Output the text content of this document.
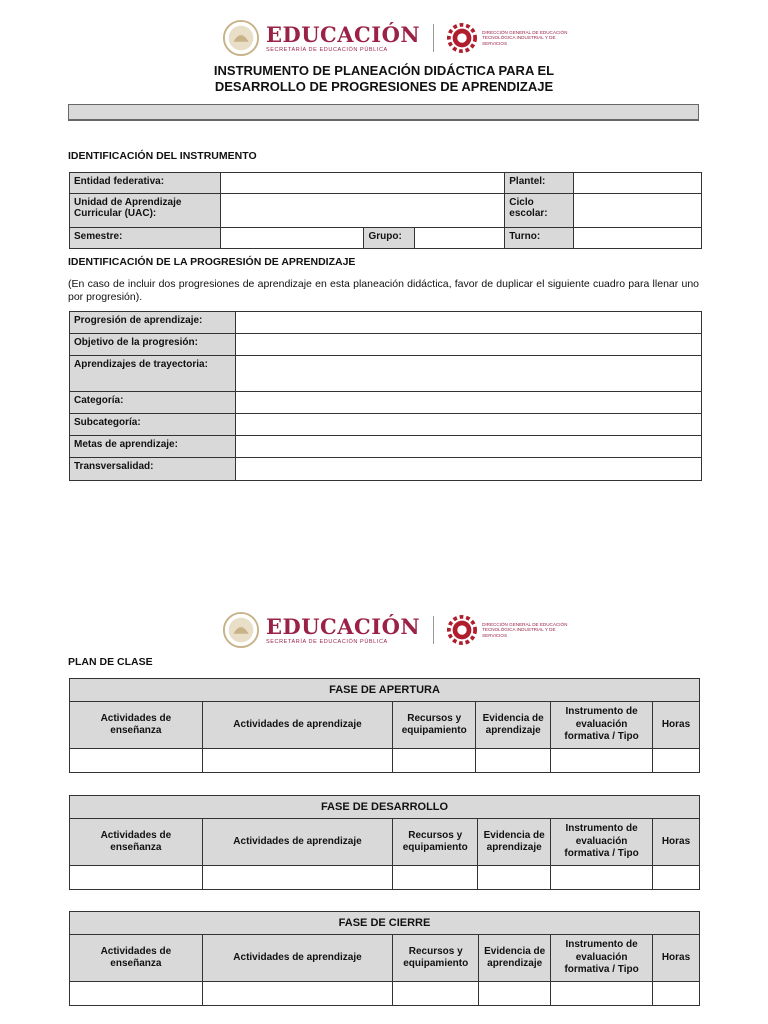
EDUCACIÓN
SECRETARÍA DE EDUCACIÓN PÚBLICA
DIRECCIÓN GENERAL DE EDUCACIÓN TECNOLÓGICA INDUSTRIAL Y DE SERVICIOS
INSTRUMENTO DE PLANEACIÓN DIDÁCTICA PARA EL
DESARROLLO DE PROGRESIONES DE APRENDIZAJE
IDENTIFICACIÓN DEL INSTRUMENTO
Entidad federativa:				Plantel:	
Unidad de Aprendizaje Curricular (UAC):				Ciclo escolar:	
Semestre:		Grupo:		Turno:	
IDENTIFICACIÓN DE LA PROGRESIÓN DE APRENDIZAJE
(En caso de incluir dos progresiones de aprendizaje en esta planeación didáctica, favor de duplicar el siguiente cuadro para llenar uno por progresión).
Progresión de aprendizaje:	
Objetivo de la progresión:	
Aprendizajes de trayectoria:	
Categoría:	
Subcategoría:	
Metas de aprendizaje:	
Transversalidad:	
EDUCACIÓN
SECRETARÍA DE EDUCACIÓN PÚBLICA
DIRECCIÓN GENERAL DE EDUCACIÓN TECNOLÓGICA INDUSTRIAL Y DE SERVICIOS
PLAN DE CLASE
FASE DE APERTURA					
Actividades de enseñanza	Actividades de aprendizaje	Recursos y equipamiento	Evidencia de aprendizaje	Instrumento de evaluación formativa / Tipo	Horas

FASE DE DESARROLLO					
Actividades de enseñanza	Actividades de aprendizaje	Recursos y equipamiento	Evidencia de aprendizaje	Instrumento de evaluación formativa / Tipo	Horas

FASE DE CIERRE					
Actividades de enseñanza	Actividades de aprendizaje	Recursos y equipamiento	Evidencia de aprendizaje	Instrumento de evaluación formativa / Tipo	Horas
